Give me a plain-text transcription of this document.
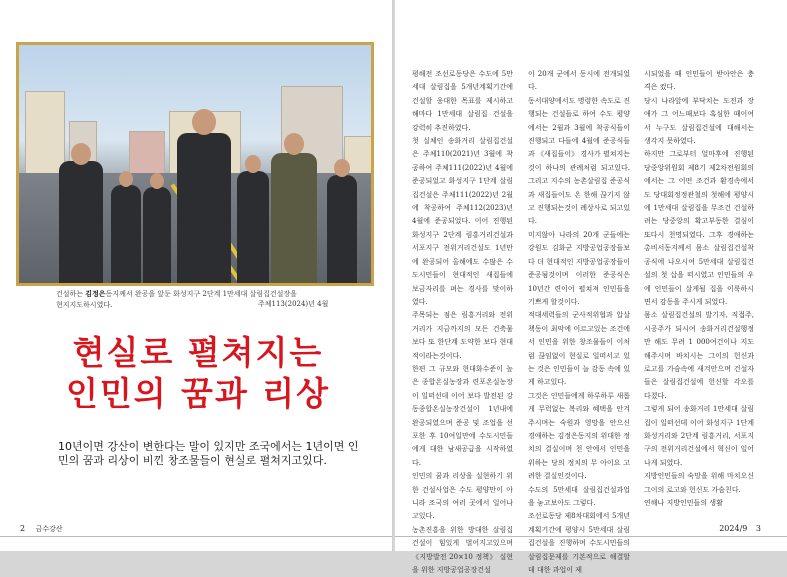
건설하는 김정은동지께서 완공을 앞둔 화성지구 2단계 1만세대 살림집건설장을
현지지도하시였다.	주체113(2024)년 4월
현실로 펼쳐지는
인민의 꿈과 리상
10년이면 강산이 변한다는 말이 있지만 조국에서는 1년이면 인민의 꿈과 리상이 비낀 창조물들이 현실로 펼쳐지고있다.
2 금수강산
평해전 조선로동당은 수도에 5만세대 살림집을 5개년계획기간에 건설할 웅대한 목표를 제시하고 해마다 1만세대 살림집 건설을 강력히 추진하였다.
첫 실체인 송화거리 살림집건설은 주체110(2021)년 3월에 착공하여 주체111(2022)년 4월에 준공되었고 화성지구 1단계 살림집건설은 주체111(2022)년 2월에 착공하여 주체112(2023)년 4월에 준공되었다. 이어 진행된 화성지구 2단계 림흥거리건설과 서포지구 전위거리건설도 1년만에 완공되어 올해에도 수많은 수도시민들이 현대적인 새집들에 보금자리를 펴는 경사를 맞이하였다.
주목되는 점은 림흥거리와 전위거리가 지금까지의 모든 건축물보다 또 한단계 도약한 보다 현대적이라는것이다.
한편 그 규모와 현대화수준이 높은 종합온실농장과 련포온실농장이 일떠선데 이어 보다 발전된 강동종합온실농장건설이 1년내에 완공되였으며 준공 및 조업을 선포한 후 10여일만에 수도시민들에게 대한 남새공급을 시작하였다.
인민의 꿈과 리상을 실현하기 위한 건설사업은 수도 평양만이 아니라 조국의 여러 곳에서 일어나고있다.
농촌진흥을 위한 방대한 살림집건설이 힘있게 벌어지고있으며 《지방발전 20×10 정책》 실현을 위한 지방공업공장건설
이 20개 군에서 동시에 전개되었다.
동서대양에서도 명령한 속도로 진행되는 건설들로 하여 수도 평양에서는 2월과 3월에 착공식들이 진행되고 다들에 4월에 준공식들과 《새집들이》 경사가 펼쳐지는것이 하나의 관례처럼 되고있다. 그리고 지수의 농촌살림집 준공식과 새집들이도 온 한해 끊기지 않고 진행되는것이 례상사로 되고있다.
미지않아 나라의 20개 군들에는 강원도 김화군 지방공업공장들보다 더 현대적인 지방공업공장들이 준공됨것이며 이러한 준공식은 10년간 련이어 펼쳐져 인민들을 기쁘게 할것이다.
적대세력들의 군사적위협과 압살책동이 최악에 이르고있는 조건에서 인민을 위한 창조물들이 이처럼 끊임없이 현실로 일떠서고 있는 것은 인민들이 늘 감동 속에 있게 하고있다.
그것은 인민들에게 하루하루 새롭게 무럭없는 복리와 혜택을 안겨주시며는 숙원과 영망을 안으신 경애하는 김정은동지의 위대한 정치의 결실이며 천 안에서 인민을 위하는 당의 정치의 무 아이요 고려한 결실인것이다.
수도의 5만세대 살림집건설과업을 놓고보아도 그렇다.
조선로동당 제8차대회에서 5개년계획기간에 평양시 5만세대 살림집건설을 진행하며 수도시민들의 살림집문제를 기본적으로 해결할데 대한 과업이 제
시되었을 때 인민들이 받아안은 충격은 컸다.
당시 나라앞에 부닥치는 도전과 장애가 그 어느때보다 혹심한 때이여서 누구도 살림집건설에 대해서는 생각지 못하였다.
하지만 그로부터 얼마후에 진행된 당중앙위원회 제8기 제2차전원회의에서는 그 어떤 조건과 환경속에서도 당대회정정관철의 첫해에 평양시에 1만세대 살림집을 무조건 건설하려는 당중앙의 확고부동한 결심이 또다시 천명되였다. 그후 경애하는 총비서동지께서 몸소 살림집건설착공식에 나오시여 5만세대 살림집건설의 첫 삽을 떠시였고 인민들의 우에 인민들이 살게될 집을 이룩하시면서 감동을 주시게 되었다.
몸소 살림집건설의 발기자, 직접주, 시공주가 되시여 송화거리건설행정만 해도 무려 1 000여건이나 지도해주시며 바치시는 그이의 헌신과 로고를 가슴속에 새겨안으며 건설자들은 살림집건설에 헌신할 각오를 다졌다.
그렇게 되어 송화거리 1만세대 살림집이 일떠선데 이어 화성지구 1단계 화성거리와 2단계 림흥거리, 서포지구의 전위거리건설에서 혁신이 일어나게 되였다.
지방인민들의 숙망을 위해 마치오신 그이의 로고와 헌신도 가슴친다.
연해나 지방인민들의 생활
2024/9 3
